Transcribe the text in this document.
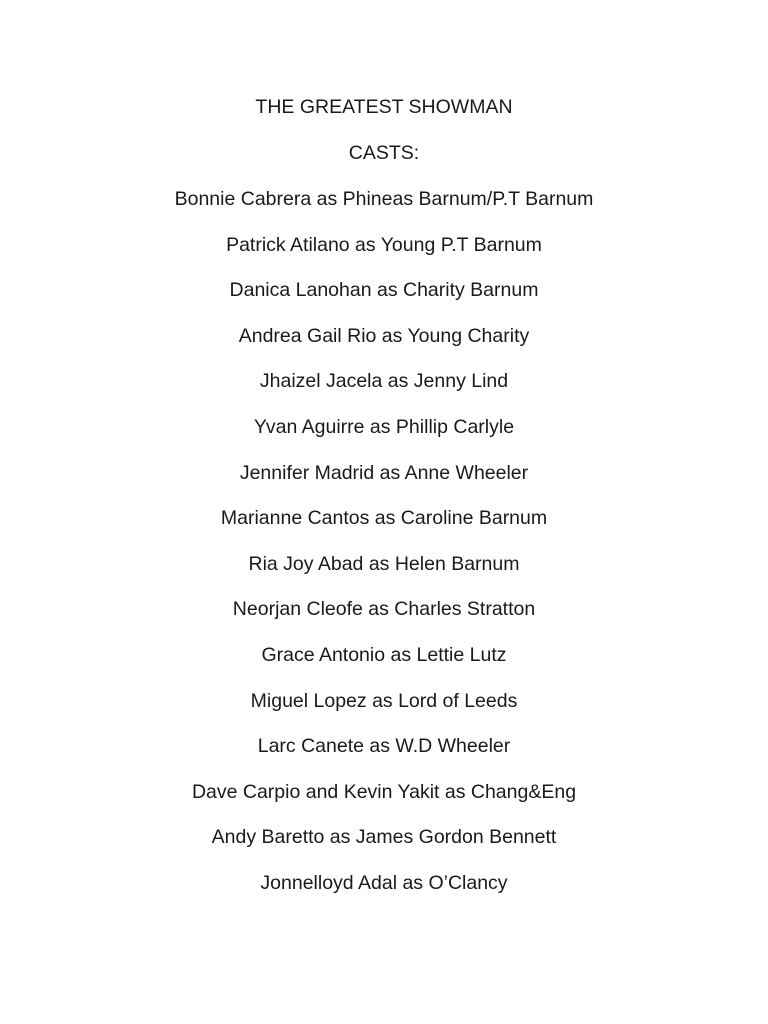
THE GREATEST SHOWMAN
CASTS:
Bonnie Cabrera as Phineas Barnum/P.T Barnum
Patrick Atilano as Young P.T Barnum
Danica Lanohan as Charity Barnum
Andrea Gail Rio as Young Charity
Jhaizel Jacela as Jenny Lind
Yvan Aguirre as Phillip Carlyle
Jennifer Madrid as Anne Wheeler
Marianne Cantos as Caroline Barnum
Ria Joy Abad as Helen Barnum
Neorjan Cleofe as Charles Stratton
Grace Antonio as Lettie Lutz
Miguel Lopez as Lord of Leeds
Larc Canete as W.D Wheeler
Dave Carpio and Kevin Yakit as Chang&Eng
Andy Baretto as James Gordon Bennett
Jonnelloyd Adal as O’Clancy
